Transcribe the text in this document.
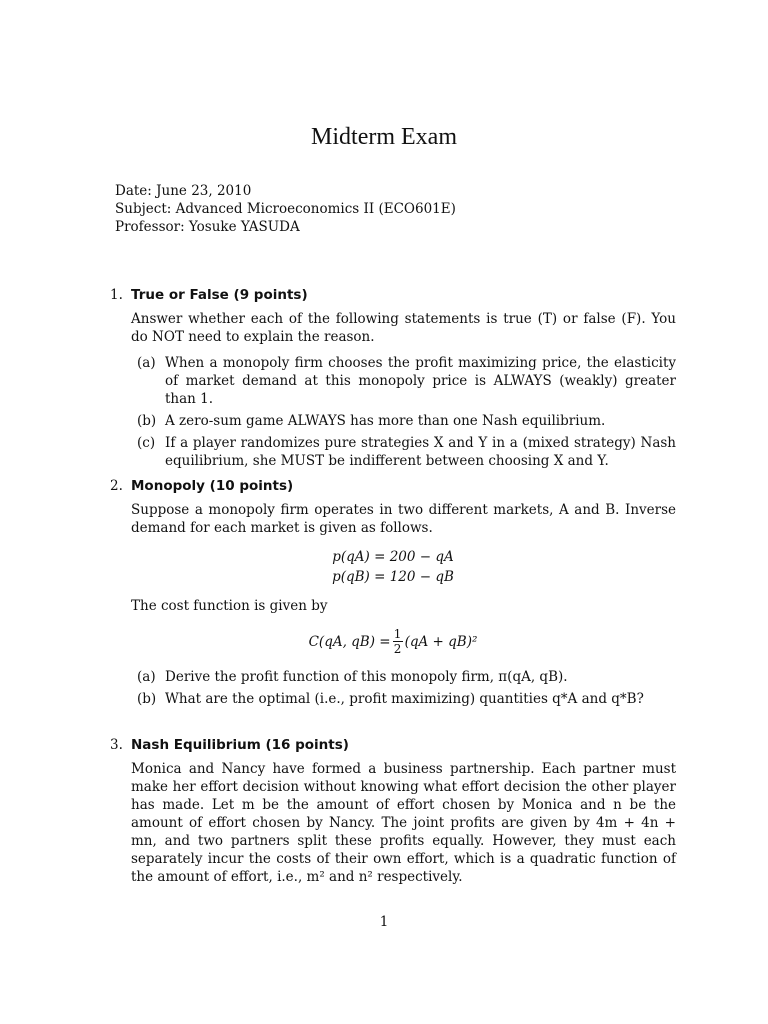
Midterm Exam
Date: June 23, 2010
Subject: Advanced Microeconomics II (ECO601E)
Professor: Yosuke YASUDA
1. True or False (9 points)
Answer whether each of the following statements is true (T) or false (F). You do NOT need to explain the reason.
(a) When a monopoly firm chooses the profit maximizing price, the elasticity of market demand at this monopoly price is ALWAYS (weakly) greater than 1.
(b) A zero-sum game ALWAYS has more than one Nash equilibrium.
(c) If a player randomizes pure strategies X and Y in a (mixed strategy) Nash equilibrium, she MUST be indifferent between choosing X and Y.
2. Monopoly (10 points)
Suppose a monopoly firm operates in two different markets, A and B. Inverse demand for each market is given as follows.
p(qA) = 200 − qA
p(qB) = 120 − qB
The cost function is given by
C(qA, $qB) = \frac{1}{2} (qA + qB)^2$
(a) Derive the profit function of this monopoly firm, π(qA, qB).
(b) What are the optimal (i.e., profit maximizing) quantities q*A and q*B?
3. Nash Equilibrium (16 points)
Monica and Nancy have formed a business partnership. Each partner must make her effort decision without knowing what effort decision the other player has made. Let m be the amount of effort chosen by Monica and n be the amount of effort chosen by Nancy. The joint profits are given by 4m + 4n + mn, and two partners split these profits equally. However, they must each separately incur the costs of their own effort, which is a quadratic function of the amount of effort, i.e., m² and n² respectively.
1
